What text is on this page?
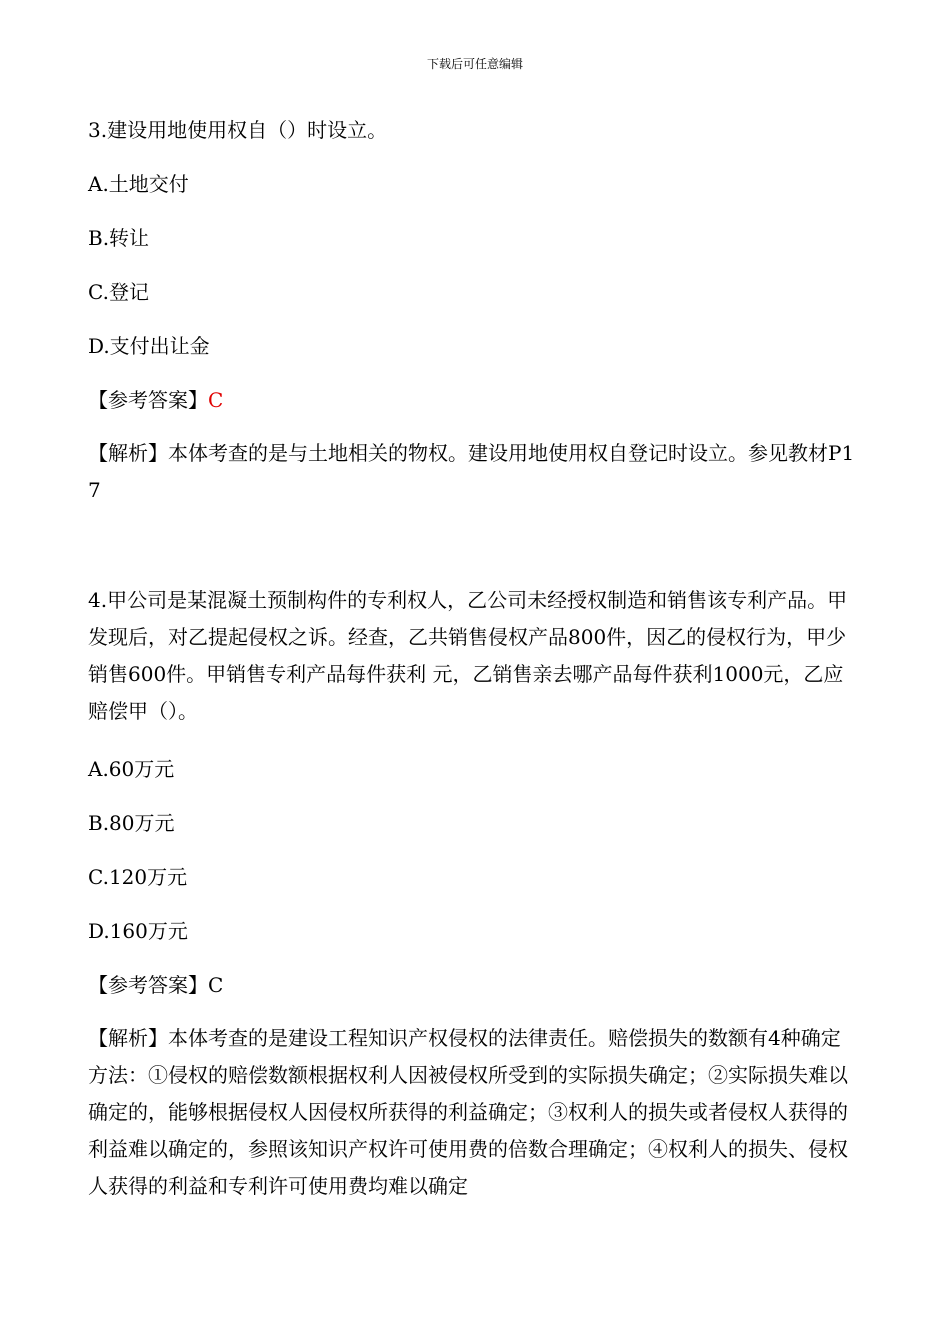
下载后可任意编辑
3.建设用地使用权自（）时设立。
A.土地交付
B.转让
C.登记
D.支付出让金
【参考答案】C
【解析】本体考查的是与土地相关的物权。建设用地使用权自登记时设立。参见教材P17
4.甲公司是某混凝土预制构件的专利权人，乙公司未经授权制造和销售该专利产品。甲发现后，对乙提起侵权之诉。经查，乙共销售侵权产品800件，因乙的侵权行为，甲少销售600件。甲销售专利产品每件获利 元，乙销售亲去哪产品每件获利1000元，乙应赔偿甲（）。
A.60万元
B.80万元
C.120万元
D.160万元
【参考答案】C
【解析】本体考查的是建设工程知识产权侵权的法律责任。赔偿损失的数额有4种确定方法：①侵权的赔偿数额根据权利人因被侵权所受到的实际损失确定；②实际损失难以确定的，能够根据侵权人因侵权所获得的利益确定；③权利人的损失或者侵权人获得的利益难以确定的，参照该知识产权许可使用费的倍数合理确定；④权利人的损失、侵权人获得的利益和专利许可使用费均难以确定
